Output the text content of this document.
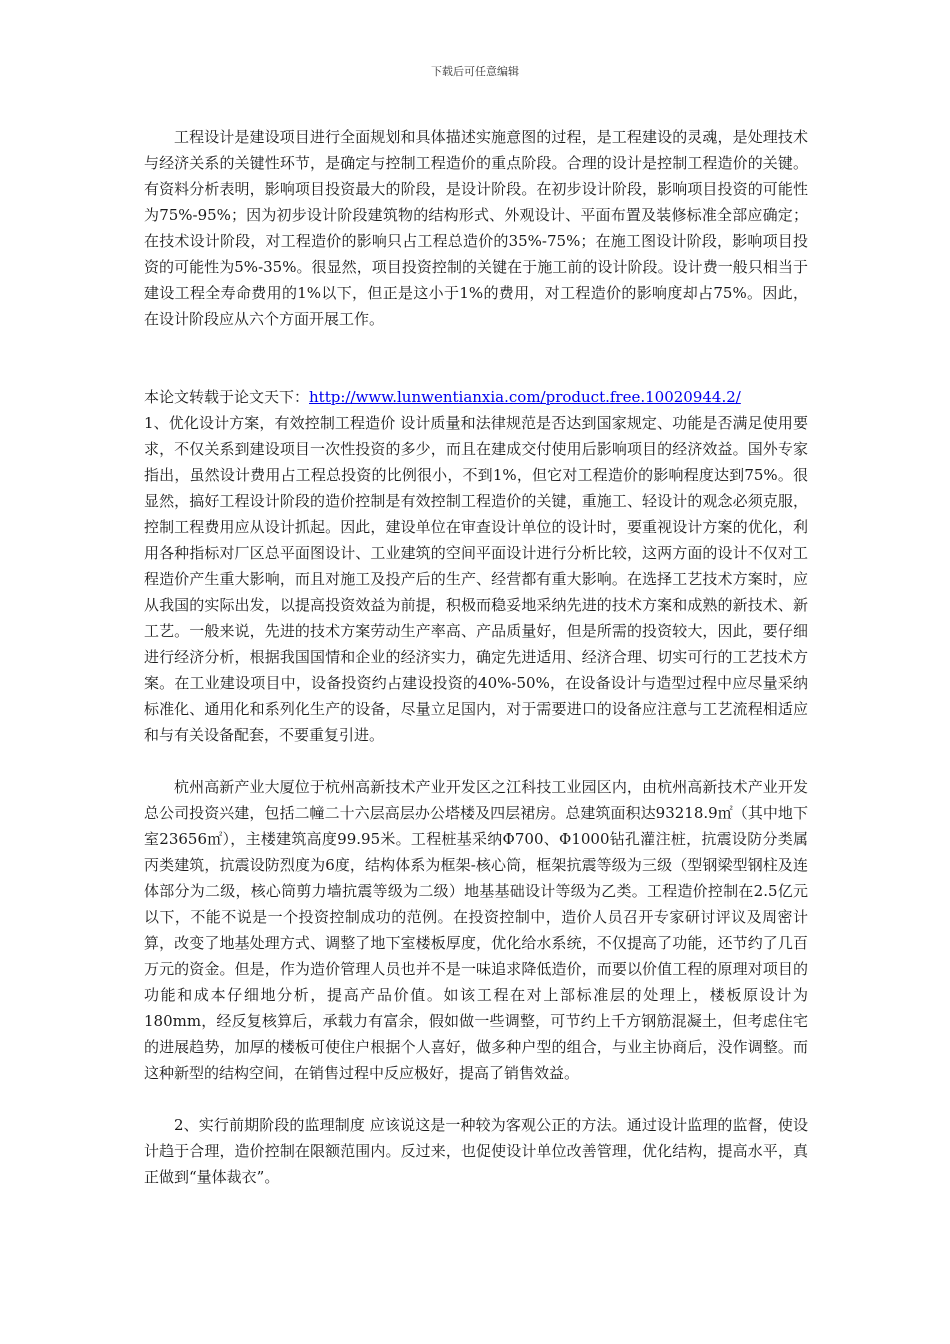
下载后可任意编辑

工程设计是建设项目进行全面规划和具体描述实施意图的过程，是工程建设的灵魂，是处理技术与经济关系的关键性环节，是确定与控制工程造价的重点阶段。合理的设计是控制工程造价的关键。有资料分析表明，影响项目投资最大的阶段，是设计阶段。在初步设计阶段，影响项目投资的可能性为75%-95%；因为初步设计阶段建筑物的结构形式、外观设计、平面布置及装修标准全部应确定；在技术设计阶段，对工程造价的影响只占工程总造价的35%-75%；在施工图设计阶段，影响项目投资的可能性为5%-35%。很显然，项目投资控制的关键在于施工前的设计阶段。设计费一般只相当于建设工程全寿命费用的1%以下，但正是这小于1%的费用，对工程造价的影响度却占75%。因此，在设计阶段应从六个方面开展工作。

本论文转载于论文天下：http://www.lunwentianxia.com/product.free.10020944.2/

1、优化设计方案，有效控制工程造价 设计质量和法律规范是否达到国家规定、功能是否满足使用要求，不仅关系到建设项目一次性投资的多少，而且在建成交付使用后影响项目的经济效益。国外专家指出，虽然设计费用占工程总投资的比例很小，不到1%，但它对工程造价的影响程度达到75%。很显然，搞好工程设计阶段的造价控制是有效控制工程造价的关键，重施工、轻设计的观念必须克服，控制工程费用应从设计抓起。因此，建设单位在审查设计单位的设计时，要重视设计方案的优化，利用各种指标对厂区总平面图设计、工业建筑的空间平面设计进行分析比较，这两方面的设计不仅对工程造价产生重大影响，而且对施工及投产后的生产、经营都有重大影响。在选择工艺技术方案时，应从我国的实际出发，以提高投资效益为前提，积极而稳妥地采纳先进的技术方案和成熟的新技术、新工艺。一般来说，先进的技术方案劳动生产率高、产品质量好，但是所需的投资较大，因此，要仔细进行经济分析，根据我国国情和企业的经济实力，确定先进适用、经济合理、切实可行的工艺技术方案。在工业建设项目中，设备投资约占建设投资的40%-50%，在设备设计与造型过程中应尽量采纳标准化、通用化和系列化生产的设备，尽量立足国内，对于需要进口的设备应注意与工艺流程相适应和与有关设备配套，不要重复引进。

杭州高新产业大厦位于杭州高新技术产业开发区之江科技工业园区内，由杭州高新技术产业开发总公司投资兴建，包括二幢二十六层高层办公塔楼及四层裙房。总建筑面积达93218.9㎡（其中地下室23656㎡），主楼建筑高度99.95米。工程桩基采纳Φ700、Φ1000钻孔灌注桩，抗震设防分类属丙类建筑，抗震设防烈度为6度，结构体系为框架-核心筒，框架抗震等级为三级（型钢梁型钢柱及连体部分为二级，核心筒剪力墙抗震等级为二级）地基基础设计等级为乙类。工程造价控制在2.5亿元以下，不能不说是一个投资控制成功的范例。在投资控制中，造价人员召开专家研讨评议及周密计算，改变了地基处理方式、调整了地下室楼板厚度，优化给水系统，不仅提高了功能，还节约了几百万元的资金。但是，作为造价管理人员也并不是一味追求降低造价，而要以价值工程的原理对项目的功能和成本仔细地分析，提高产品价值。如该工程在对上部标准层的处理上，楼板原设计为180mm，经反复核算后，承载力有富余，假如做一些调整，可节约上千方钢筋混凝土，但考虑住宅的进展趋势，加厚的楼板可使住户根据个人喜好，做多种户型的组合，与业主协商后，没作调整。而这种新型的结构空间，在销售过程中反应极好，提高了销售效益。

2、实行前期阶段的监理制度 应该说这是一种较为客观公正的方法。通过设计监理的监督，使设计趋于合理，造价控制在限额范围内。反过来，也促使设计单位改善管理，优化结构，提高水平，真正做到“量体裁衣”。
